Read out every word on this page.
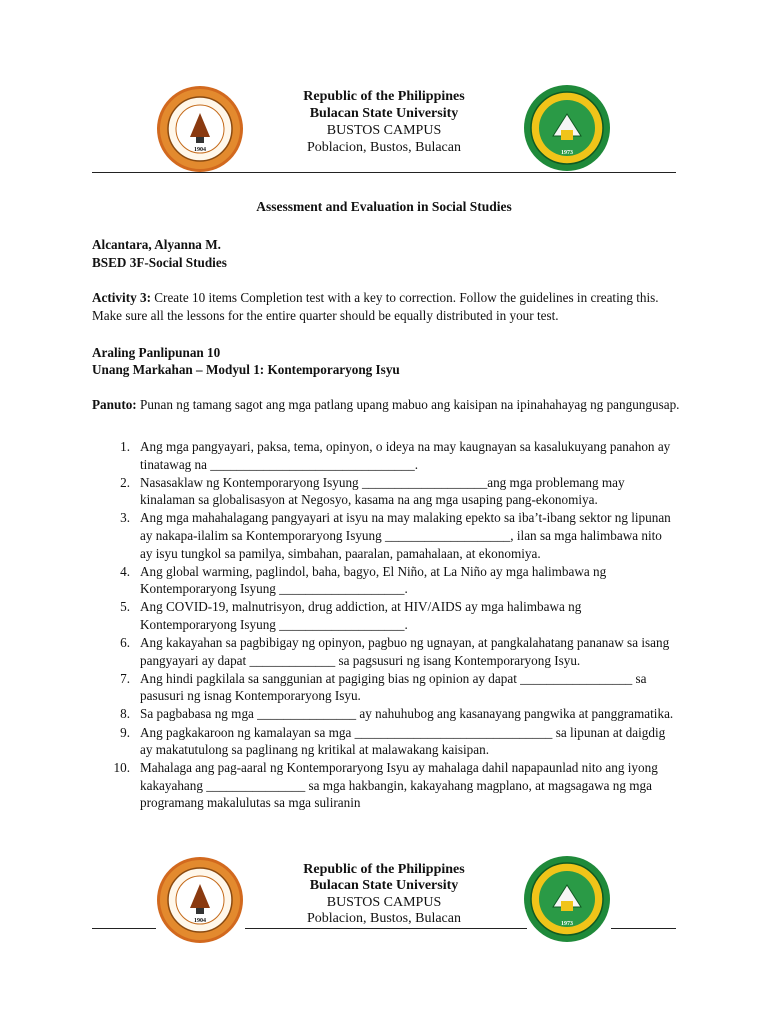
1904	1973
Republic of the Philippines
Bulacan State University
BUSTOS CAMPUS
Poblacion, Bustos, Bulacan
Assessment and Evaluation in Social Studies
Alcantara, Alyanna M.
BSED 3F-Social Studies
Activity 3: Create 10 items Completion test with a key to correction. Follow the guidelines in creating this. Make sure all the lessons for the entire quarter should be equally distributed in your test.
Araling Panlipunan 10
Unang Markahan – Modyul 1: Kontemporaryong Isyu
Panuto: Punan ng tamang sagot ang mga patlang upang mabuo ang kaisipan na ipinahahayag ng pangungusap.
1. Ang mga pangyayari, paksa, tema, opinyon, o ideya na may kaugnayan sa kasalukuyang panahon ay tinatawag na _______________________________.
2. Nasasaklaw ng Kontemporaryong Isyung ___________________ang mga problemang may kinalaman sa globalisasyon at Negosyo, kasama na ang mga usaping pang-ekonomiya.
3. Ang mga mahahalagang pangyayari at isyu na may malaking epekto sa iba’t-ibang sektor ng lipunan ay nakapa-ilalim sa Kontemporaryong Isyung ___________________, ilan sa mga halimbawa nito ay isyu tungkol sa pamilya, simbahan, paaralan, pamahalaan, at ekonomiya.
4. Ang global warming, paglindol, baha, bagyo, El Niño, at La Niño ay mga halimbawa ng Kontemporaryong Isyung ___________________.
5. Ang COVID-19, malnutrisyon, drug addiction, at HIV/AIDS ay mga halimbawa ng Kontemporaryong Isyung ___________________.
6. Ang kakayahan sa pagbibigay ng opinyon, pagbuo ng ugnayan, at pangkalahatang pananaw sa isang pangyayari ay dapat _____________ sa pagsusuri ng isang Kontemporaryong Isyu.
7. Ang hindi pagkilala sa sanggunian at pagiging bias ng opinion ay dapat _________________ sa pasusuri ng isnag Kontemporaryong Isyu.
8. Sa pagbabasa ng mga _______________ ay nahuhubog ang kasanayang pangwika at panggramatika.
9. Ang pagkakaroon ng kamalayan sa mga ______________________________ sa lipunan at daigdig ay makatutulong sa paglinang ng kritikal at malawakang kaisipan.
10. Mahalaga ang pag-aaral ng Kontemporaryong Isyu ay mahalaga dahil napapaunlad nito ang iyong kakayahang _______________ sa mga hakbangin, kakayahang magplano, at magsagawa ng mga programang makalulutas sa mga suliranin
1904	1973
Republic of the Philippines
Bulacan State University
BUSTOS CAMPUS
Poblacion, Bustos, Bulacan
